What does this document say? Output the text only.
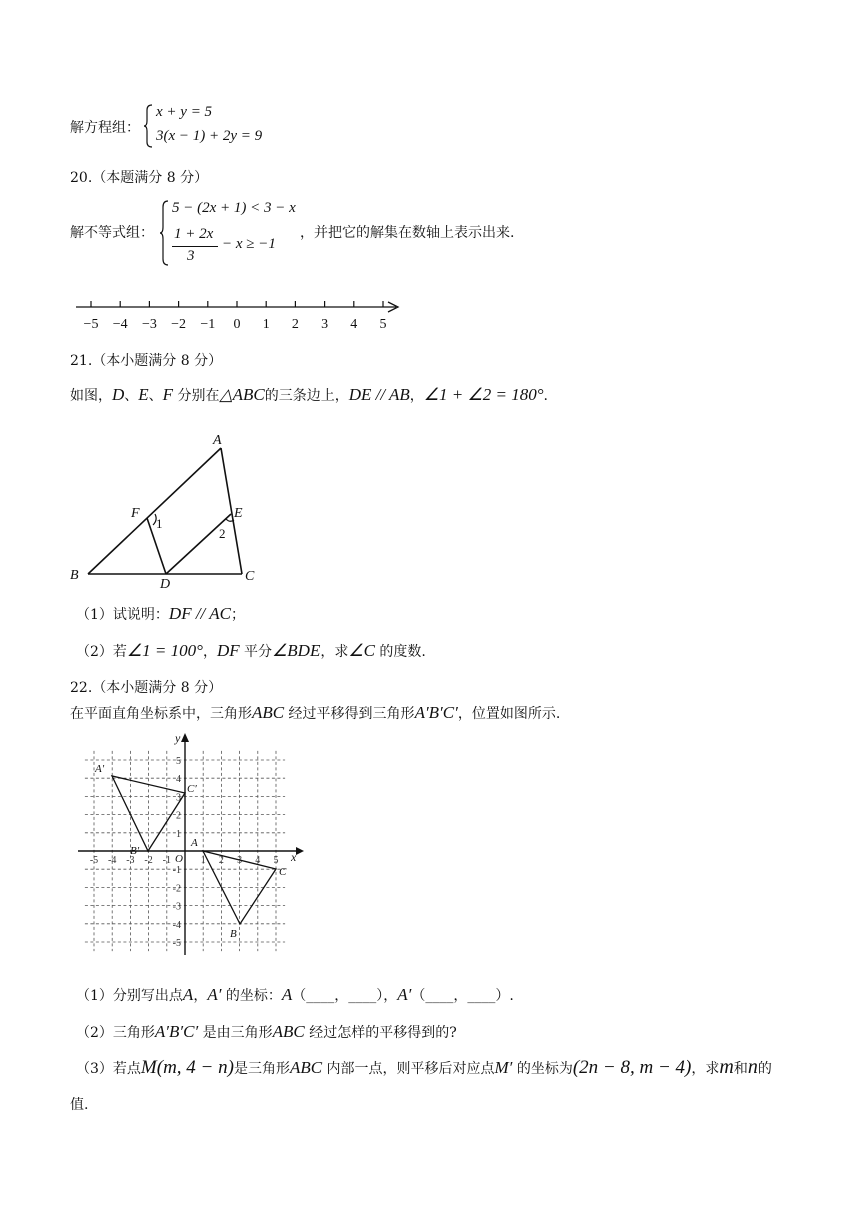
解方程组：
x + y = 5
3(x − 1) + 2y = 9
20.（本题满分 8 分）
解不等式组：
5 − (2x + 1) < 3 − x
1 + 2x
3
− x ≥ −1
，并把它的解集在数轴上表示出来.
−5 −4 −3 −2 −1 0 1 2 3 4 5
21.（本小题满分 8 分）
如图，D、E、F 分别在△ABC的三条边上，DE // AB，∠1 + ∠2 = 180°.
A
B	C
D
E
F
1
2
（1）试说明：DF // AC；
（2）若∠1 = 100°，DF 平分∠BDE，求∠C 的度数.
22.（本小题满分 8 分）
在平面直角坐标系中，三角形ABC 经过平移得到三角形A′B′C′，位置如图所示.
-5 -4 -3 -2 -1	1 2 3 4 5
5
4
3
2
1
-1
-2
-3
-4
-5
x
y
O
A′
B′
C′
A
B
C
（1）分别写出点A，A′ 的坐标：A（____，____），A′（____，____）.
（2）三角形A′B′C′ 是由三角形ABC 经过怎样的平移得到的?
（3）若点M(m, 4 − n)是三角形ABC 内部一点，则平移后对应点M′ 的坐标为(2n − 8, m − 4)，求m和n的
值.
